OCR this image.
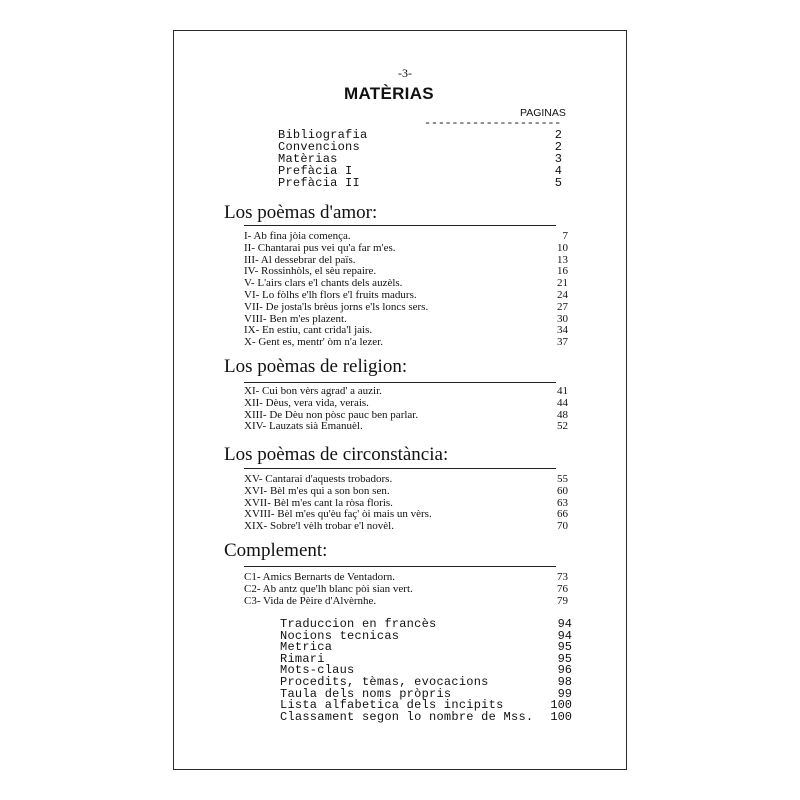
-3-
MATÈRIAS
PAGINAS
--------------------
Bibliografia	2
Convencions	2
Matèrias	3
Prefàcia I	4
Prefàcia II	5
Los poèmas d'amor:
I- Ab fina jòia comença.	7
II- Chantarai pus vei qu'a far m'es.	10
III- Al dessebrar del païs.	13
IV- Rossinhòls, el sèu repaire.	16
V- L'airs clars e'l chants dels auzèls.	21
VI- Lo fòlhs e'lh flors e'l fruits madurs.	24
VII- De josta'ls brèus jorns e'ls loncs sers.	27
VIII- Ben m'es plazent.	30
IX- En estiu, cant crida'l jais.	34
X- Gent es, mentr' òm n'a lezer.	37
Los poèmas de religion:
XI- Cui bon vèrs agrad' a auzir.	41
XII- Dèus, vera vida, verais.	44
XIII- De Dèu non pòsc pauc ben parlar.	48
XIV- Lauzats sià Emanuèl.	52
Los poèmas de circonstància:
XV- Cantarai d'aquests trobadors.	55
XVI- Bèl m'es qui a son bon sen.	60
XVII- Bèl m'es cant la ròsa floris.	63
XVIII- Bèl m'es qu'èu faç' òi mais un vèrs.	66
XIX- Sobre'l vèlh trobar e'l novèl.	70
Complement:
C1- Amics Bernarts de Ventadorn.	73
C2- Ab antz que'lh blanc pòi sian vert.	76
C3- Vida de Pèire d'Alvèrnhe.	79
Traduccion en francès	94
Nocions tecnicas	94
Metrica	95
Rimari	95
Mots-claus	96
Procedits, tèmas, evocacions	98
Taula dels noms pròpris	99
Lista alfabetica dels incipits	100
Classament segon lo nombre de Mss. 100
